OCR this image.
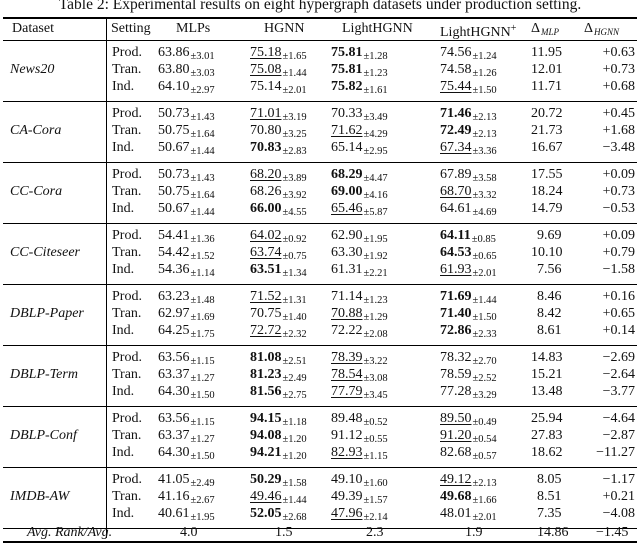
Table 2: Experimental results on eight hypergraph datasets under production setting.
Dataset	Setting MLPs	HGNN	LightHGNN LightHGNN+ $\Delta_{MLP}$ $\Delta_{HGNN}$
News20
Prod. $63.86_{\pm 3.01}$	$75.18_{\pm 1.65}$ $75.81_{\pm 1.28}$	$74.56_{\pm 1.24}$ 11.95	+0.63
Tran. $63.80_{\pm 3.03}$	$75.08_{\pm 1.44}$ $75.81_{\pm 1.23}$	$74.58_{\pm 1.26}$ 12.01	+0.73
Ind. $64.10_{\pm 2.97}$	$75.14_{\pm 2.01}$ $75.82_{\pm 1.61}$	$75.44_{\pm 1.50}$ 11.71	+0.68
CA-Cora
Prod. $50.73_{\pm 1.43}$	$71.01_{\pm 3.19}$ $70.33_{\pm 3.49}$	$71.46_{\pm 2.13}$ 20.72	+0.45
Tran. $50.75_{\pm 1.64}$	$70.80_{\pm 3.25}$ $71.62_{\pm 4.29}$	$72.49_{\pm 2.13}$ 21.73	+1.68
Ind. $50.67_{\pm 1.44}$	$70.83_{\pm 2.83}$ $65.14_{\pm 2.95}$	$67.34_{\pm 3.36}$ 16.67	−3.48
CC-Cora
Prod. $50.73_{\pm 1.43}$	$68.20_{\pm 3.89}$ $68.29_{\pm 4.47}$	$67.89_{\pm 3.58}$ 17.55	+0.09
Tran. $50.75_{\pm 1.64}$	$68.26_{\pm 3.92}$ $69.00_{\pm 4.16}$	$68.70_{\pm 3.32}$ 18.24	+0.73
Ind. $50.67_{\pm 1.44}$	$66.00_{\pm 4.55}$ $65.46_{\pm 5.87}$	$64.61_{\pm 4.69}$ 14.79	−0.53
CC-Citeseer
Prod. $54.41_{\pm 1.36}$	$64.02_{\pm 0.92}$ $62.90_{\pm 1.95}$	$64.11_{\pm 0.85}$	9.69	+0.09
Tran. $54.42_{\pm 1.52}$	$63.74_{\pm 0.75}$ $63.30_{\pm 1.92}$	$64.53_{\pm 0.65}$ 10.10	+0.79
Ind. $54.36_{\pm 1.14}$	$63.51_{\pm 1.34}$ $61.31_{\pm 2.21}$	$61.93_{\pm 2.01}$	7.56	−1.58
DBLP-Paper
Prod. $63.23_{\pm 1.48}$	$71.52_{\pm 1.31}$ $71.14_{\pm 1.23}$	$71.69_{\pm 1.44}$	8.46	+0.16
Tran. $62.97_{\pm 1.69}$	$70.75_{\pm 1.40}$ $70.88_{\pm 1.29}$	$71.40_{\pm 1.50}$	8.42	+0.65
Ind. $64.25_{\pm 1.75}$	$72.72_{\pm 2.32}$ $72.22_{\pm 2.08}$	$72.86_{\pm 2.33}$	8.61	+0.14
DBLP-Term
Prod. $63.56_{\pm 1.15}$	$81.08_{\pm 2.51}$ $78.39_{\pm 3.22}$	$78.32_{\pm 2.70}$ 14.83	−2.69
Tran. $63.37_{\pm 1.27}$	$81.23_{\pm 2.49}$ $78.54_{\pm 3.08}$	$78.59_{\pm 2.52}$ 15.21	−2.64
Ind. $64.30_{\pm 1.50}$	$81.56_{\pm 2.75}$ $77.79_{\pm 3.45}$	$77.28_{\pm 3.29}$ 13.48	−3.77
DBLP-Conf
Prod. $63.56_{\pm 1.15}$	$94.15_{\pm 1.18}$ $89.48_{\pm 0.52}$	$89.50_{\pm 0.49}$ 25.94	−4.64
Tran. $63.37_{\pm 1.27}$	$94.08_{\pm 1.20}$ $91.12_{\pm 0.55}$	$91.20_{\pm 0.54}$ 27.83	−2.87
Ind. $64.30_{\pm 1.50}$	$94.21_{\pm 1.20}$ $82.93_{\pm 1.15}$	$82.68_{\pm 0.57}$ 18.62 −11.27
IMDB-AW
Prod. $41.05_{\pm 2.49}$	$50.29_{\pm 1.58}$ $49.10_{\pm 1.60}$	$49.12_{\pm 2.13}$	8.05	−1.17
Tran. $41.16_{\pm 2.67}$	$49.46_{\pm 1.44}$ $49.39_{\pm 1.57}$	$49.68_{\pm 1.66}$	8.51	+0.21
Ind. $40.61_{\pm 1.95}$	$52.05_{\pm 2.68}$ $47.96_{\pm 2.14}$	$48.01_{\pm 2.01}$	7.35	−4.08
Avg. Rank/Avg.	4.0	1.5	2.3	1.9	14.86 −1.45
